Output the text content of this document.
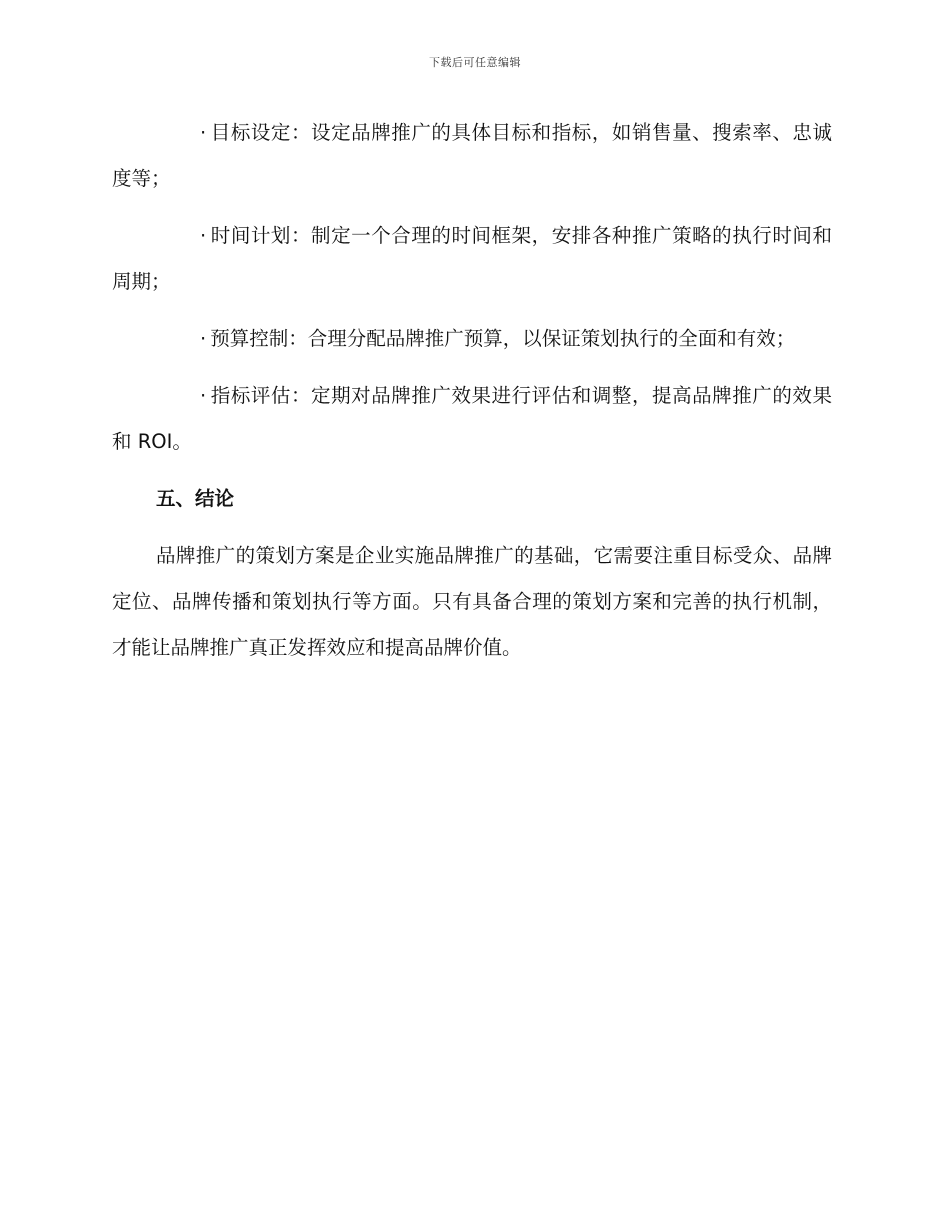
下载后可任意编辑

· 目标设定：设定品牌推广的具体目标和指标，如销售量、搜索率、忠诚度等；

· 时间计划：制定一个合理的时间框架，安排各种推广策略的执行时间和周期；

· 预算控制：合理分配品牌推广预算，以保证策划执行的全面和有效；

· 指标评估：定期对品牌推广效果进行评估和调整，提高品牌推广的效果和 ROI。

五、结论

品牌推广的策划方案是企业实施品牌推广的基础，它需要注重目标受众、品牌定位、品牌传播和策划执行等方面。只有具备合理的策划方案和完善的执行机制，才能让品牌推广真正发挥效应和提高品牌价值。
